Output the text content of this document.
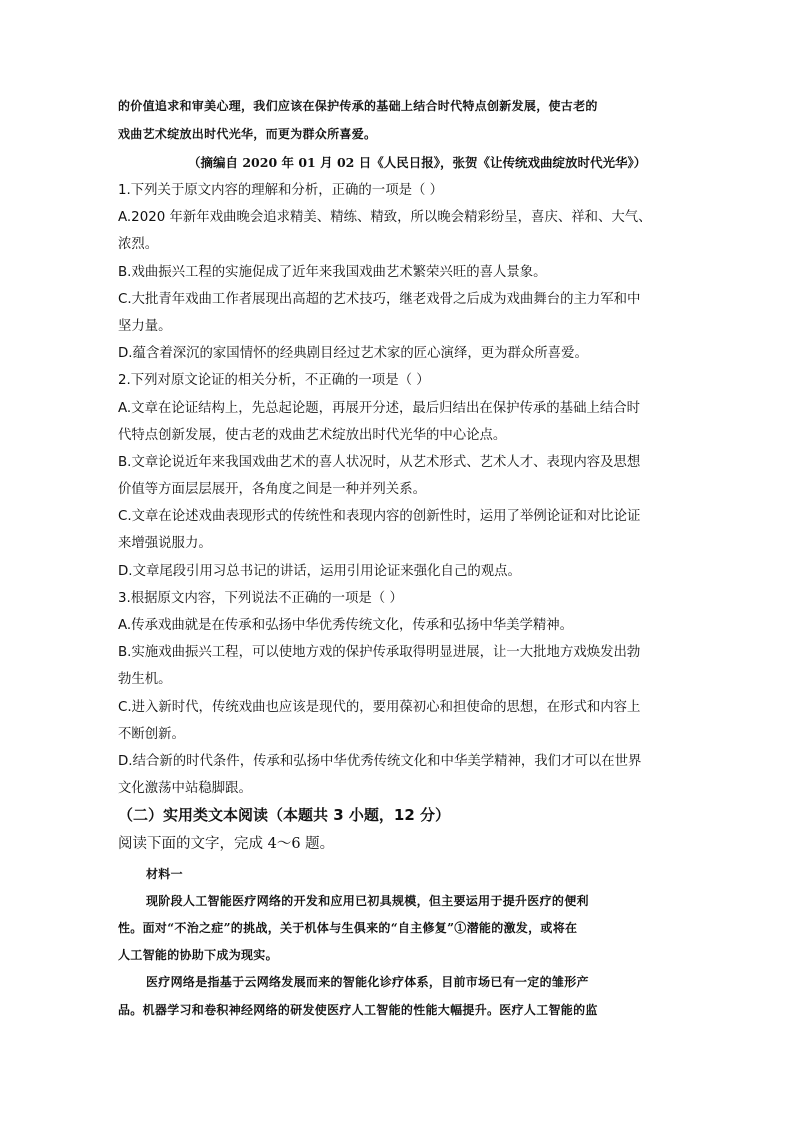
的价值追求和审美心理，我们应该在保护传承的基础上结合时代特点创新发展，使古老的
戏曲艺术绽放出时代光华，而更为群众所喜爱。
（摘编自 2020 年 01 月 02 日《人民日报》，张贺《让传统戏曲绽放时代光华》）
1.下列关于原文内容的理解和分析，正确的一项是（ ）
A.2020 年新年戏曲晚会追求精美、精练、精致，所以晚会精彩纷呈，喜庆、祥和、大气、
浓烈。
B.戏曲振兴工程的实施促成了近年来我国戏曲艺术繁荣兴旺的喜人景象。
C.大批青年戏曲工作者展现出高超的艺术技巧，继老戏骨之后成为戏曲舞台的主力军和中
坚力量。
D.蕴含着深沉的家国情怀的经典剧目经过艺术家的匠心演绎，更为群众所喜爱。
2.下列对原文论证的相关分析，不正确的一项是（ ）
A.文章在论证结构上，先总起论题，再展开分述，最后归结出在保护传承的基础上结合时
代特点创新发展，使古老的戏曲艺术绽放出时代光华的中心论点。
B.文章论说近年来我国戏曲艺术的喜人状况时，从艺术形式、艺术人才、表现内容及思想
价值等方面层层展开，各角度之间是一种并列关系。
C.文章在论述戏曲表现形式的传统性和表现内容的创新性时，运用了举例论证和对比论证
来增强说服力。
D.文章尾段引用习总书记的讲话，运用引用论证来强化自己的观点。
3.根据原文内容，下列说法不正确的一项是（ ）
A.传承戏曲就是在传承和弘扬中华优秀传统文化，传承和弘扬中华美学精神。
B.实施戏曲振兴工程，可以使地方戏的保护传承取得明显进展，让一大批地方戏焕发出勃
勃生机。
C.进入新时代，传统戏曲也应该是现代的，要用葆初心和担使命的思想，在形式和内容上
不断创新。
D.结合新的时代条件，传承和弘扬中华优秀传统文化和中华美学精神，我们才可以在世界
文化激荡中站稳脚跟。
（二）实用类文本阅读（本题共 3 小题，12 分）
阅读下面的文字，完成 4～6 题。
材料一
现阶段人工智能医疗网络的开发和应用已初具规模，但主要运用于提升医疗的便利
性。面对“不治之症”的挑战，关于机体与生俱来的“自主修复”①潜能的激发，或将在
人工智能的协助下成为现实。
医疗网络是指基于云网络发展而来的智能化诊疗体系，目前市场已有一定的雏形产
品。机器学习和卷积神经网络的研发使医疗人工智能的性能大幅提升。医疗人工智能的监
